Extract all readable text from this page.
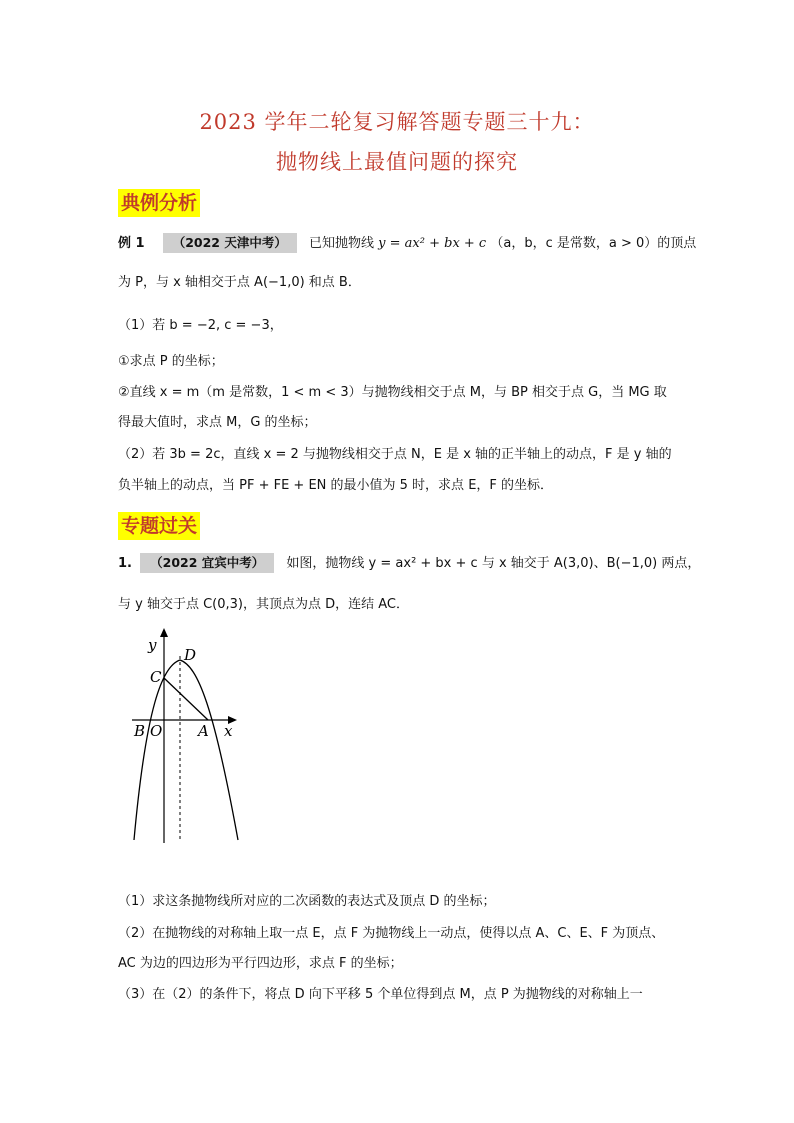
2023 学年二轮复习解答题专题三十九：
抛物线上最值问题的探究
典例分析
例 1 （2022 天津中考） 已知抛物线 y = ax² + bx + c （a，b，c 是常数，a > 0）的顶点
为 P，与 x 轴相交于点 A(−1,0) 和点 B．
（1）若 b = −2, c = −3，
①求点 P 的坐标；
②直线 x = m（m 是常数，1 < m < 3）与抛物线相交于点 M，与 BP 相交于点 G，当 MG 取
得最大值时，求点 M，G 的坐标；
（2）若 3b = 2c，直线 x = 2 与抛物线相交于点 N，E 是 x 轴的正半轴上的动点，F 是 y 轴的
负半轴上的动点，当 PF + FE + EN 的最小值为 5 时，求点 E，F 的坐标．
专题过关
1. （2022 宜宾中考） 如图，抛物线 y = ax² + bx + c 与 x 轴交于 A(3,0)、B(−1,0) 两点，
与 y 轴交于点 C(0,3)，其顶点为点 D，连结 AC．
y
D
C
B O A x
（1）求这条抛物线所对应的二次函数的表达式及顶点 D 的坐标；
（2）在抛物线的对称轴上取一点 E，点 F 为抛物线上一动点，使得以点 A、C、E、F 为顶点、
AC 为边的四边形为平行四边形，求点 F 的坐标；
（3）在（2）的条件下，将点 D 向下平移 5 个单位得到点 M，点 P 为抛物线的对称轴上一
